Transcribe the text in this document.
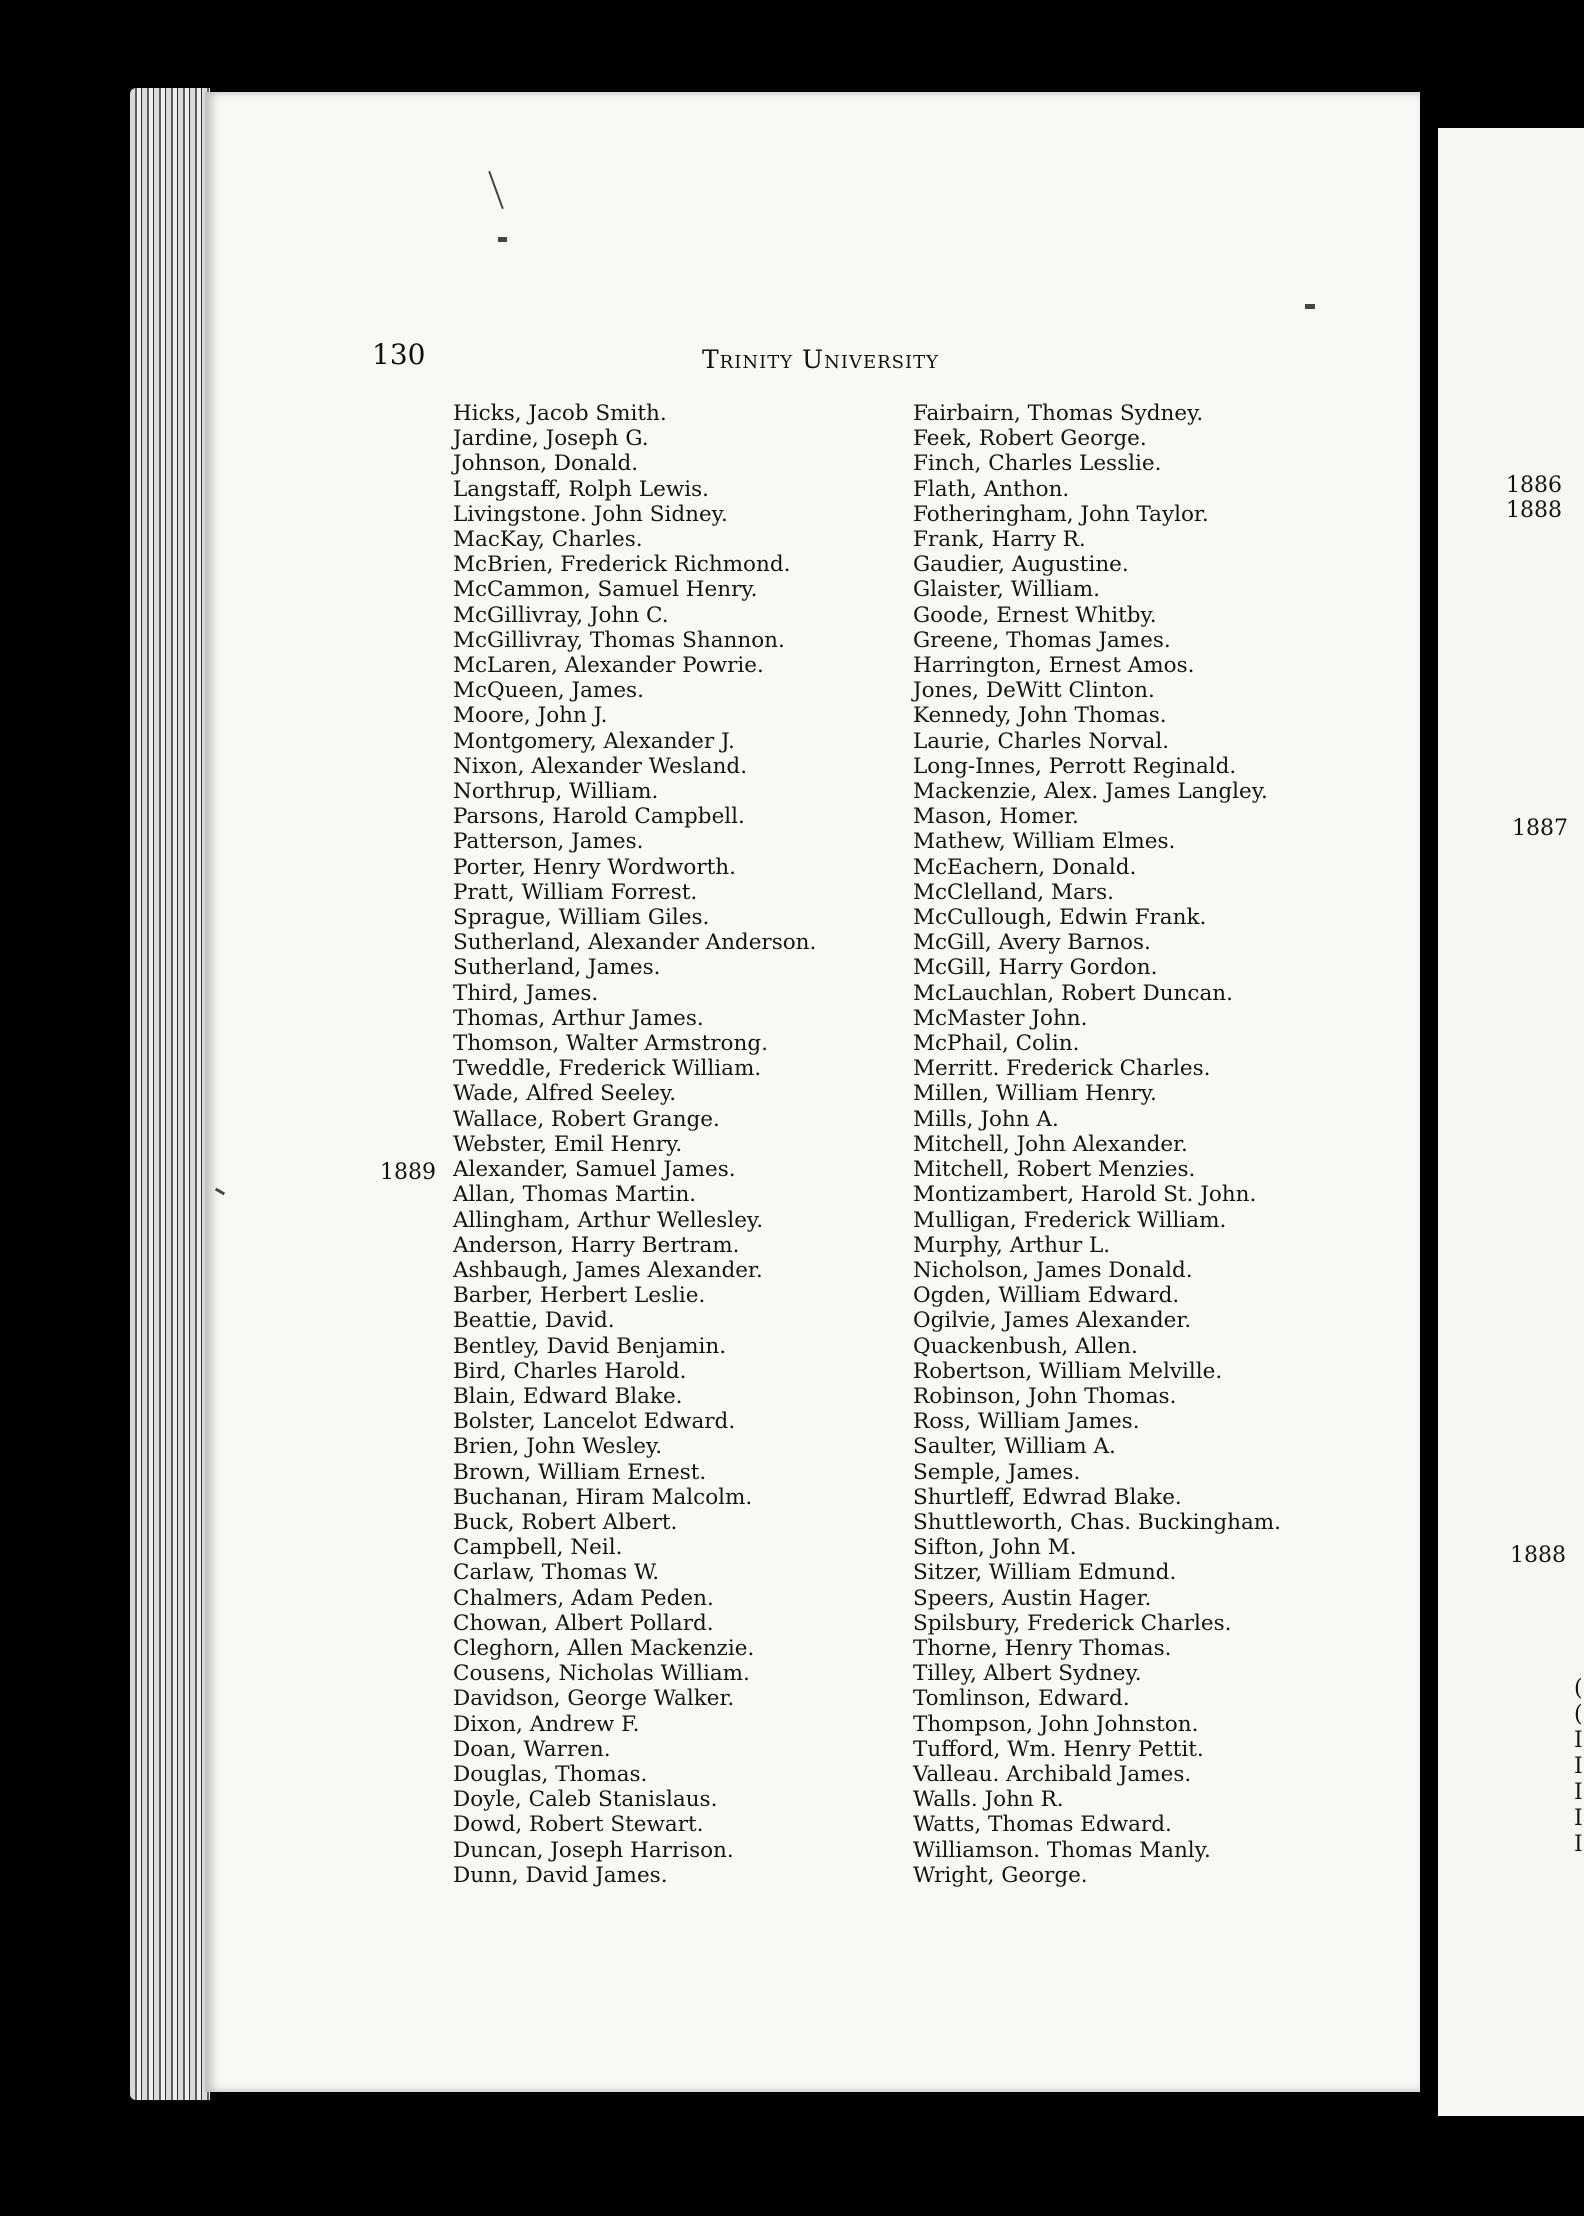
1886
1888
1887
1888
(
(
I
I
I
I
I
130	Trinity University
1889
Hicks, Jacob Smith.
Jardine, Joseph G.
Johnson, Donald.
Langstaff, Rolph Lewis.
Livingstone. John Sidney.
MacKay, Charles.
McBrien, Frederick Richmond.
McCammon, Samuel Henry.
McGillivray, John C.
McGillivray, Thomas Shannon.
McLaren, Alexander Powrie.
McQueen, James.
Moore, John J.
Montgomery, Alexander J.
Nixon, Alexander Wesland.
Northrup, William.
Parsons, Harold Campbell.
Patterson, James.
Porter, Henry Wordworth.
Pratt, William Forrest.
Sprague, William Giles.
Sutherland, Alexander Anderson.
Sutherland, James.
Third, James.
Thomas, Arthur James.
Thomson, Walter Armstrong.
Tweddle, Frederick William.
Wade, Alfred Seeley.
Wallace, Robert Grange.
Webster, Emil Henry.
Alexander, Samuel James.
Allan, Thomas Martin.
Allingham, Arthur Wellesley.
Anderson, Harry Bertram.
Ashbaugh, James Alexander.
Barber, Herbert Leslie.
Beattie, David.
Bentley, David Benjamin.
Bird, Charles Harold.
Blain, Edward Blake.
Bolster, Lancelot Edward.
Brien, John Wesley.
Brown, William Ernest.
Buchanan, Hiram Malcolm.
Buck, Robert Albert.
Campbell, Neil.
Carlaw, Thomas W.
Chalmers, Adam Peden.
Chowan, Albert Pollard.
Cleghorn, Allen Mackenzie.
Cousens, Nicholas William.
Davidson, George Walker.
Dixon, Andrew F.
Doan, Warren.
Douglas, Thomas.
Doyle, Caleb Stanislaus.
Dowd, Robert Stewart.
Duncan, Joseph Harrison.
Dunn, David James.
Fairbairn, Thomas Sydney.
Feek, Robert George.
Finch, Charles Lesslie.
Flath, Anthon.
Fotheringham, John Taylor.
Frank, Harry R.
Gaudier, Augustine.
Glaister, William.
Goode, Ernest Whitby.
Greene, Thomas James.
Harrington, Ernest Amos.
Jones, DeWitt Clinton.
Kennedy, John Thomas.
Laurie, Charles Norval.
Long-Innes, Perrott Reginald.
Mackenzie, Alex. James Langley.
Mason, Homer.
Mathew, William Elmes.
McEachern, Donald.
McClelland, Mars.
McCullough, Edwin Frank.
McGill, Avery Barnos.
McGill, Harry Gordon.
McLauchlan, Robert Duncan.
McMaster John.
McPhail, Colin.
Merritt. Frederick Charles.
Millen, William Henry.
Mills, John A.
Mitchell, John Alexander.
Mitchell, Robert Menzies.
Montizambert, Harold St. John.
Mulligan, Frederick William.
Murphy, Arthur L.
Nicholson, James Donald.
Ogden, William Edward.
Ogilvie, James Alexander.
Quackenbush, Allen.
Robertson, William Melville.
Robinson, John Thomas.
Ross, William James.
Saulter, William A.
Semple, James.
Shurtleff, Edwrad Blake.
Shuttleworth, Chas. Buckingham.
Sifton, John M.
Sitzer, William Edmund.
Speers, Austin Hager.
Spilsbury, Frederick Charles.
Thorne, Henry Thomas.
Tilley, Albert Sydney.
Tomlinson, Edward.
Thompson, John Johnston.
Tufford, Wm. Henry Pettit.
Valleau. Archibald James.
Walls. John R.
Watts, Thomas Edward.
Williamson. Thomas Manly.
Wright, George.
